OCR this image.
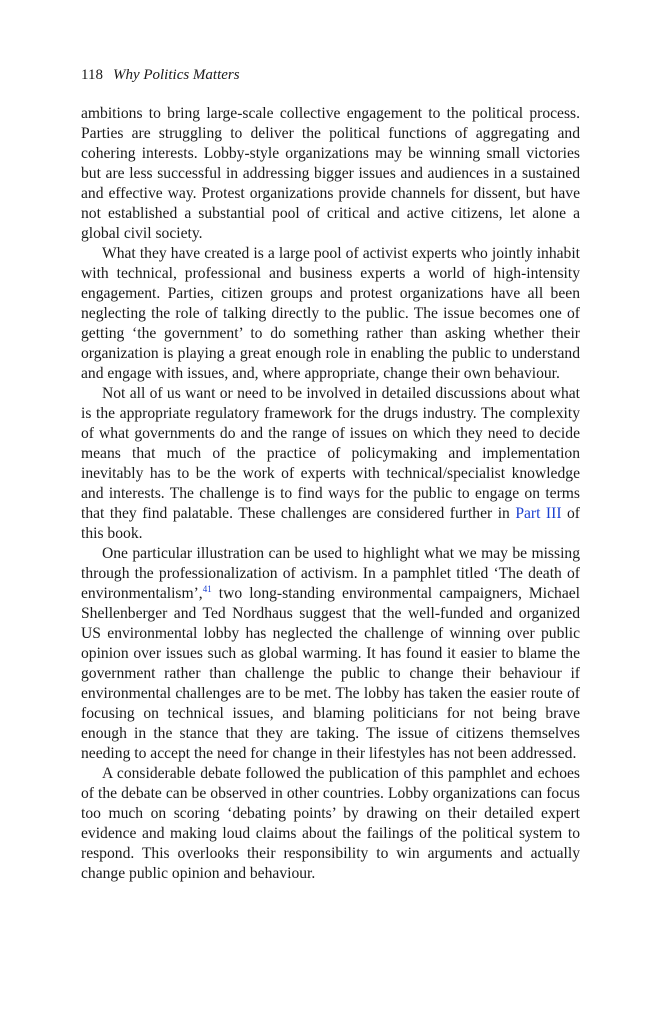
118 Why Politics Matters

ambitions to bring large-scale collective engagement to the political process. Parties are struggling to deliver the political functions of aggregating and cohering interests. Lobby-style organizations may be winning small victories but are less successful in addressing bigger issues and audiences in a sustained and effective way. Protest organizations provide channels for dissent, but have not established a substantial pool of critical and active citizens, let alone a global civil society.

What they have created is a large pool of activist experts who jointly inhabit with technical, professional and business experts a world of high-intensity engagement. Parties, citizen groups and protest organizations have all been neglecting the role of talking directly to the public. The issue becomes one of getting ‘the government’ to do something rather than asking whether their organization is playing a great enough role in enabling the public to understand and engage with issues, and, where appropriate, change their own behaviour.

Not all of us want or need to be involved in detailed discussions about what is the appropriate regulatory framework for the drugs industry. The complexity of what governments do and the range of issues on which they need to decide means that much of the practice of policymaking and implementation inevitably has to be the work of experts with technical/specialist knowledge and interests. The challenge is to find ways for the public to engage on terms that they find palatable. These challenges are considered further in Part III of this book.

One particular illustration can be used to highlight what we may be missing through the professionalization of activism. In a pamphlet titled ‘The death of environmentalism’,$^{41}$ two long-standing environmental campaigners, Michael Shellenberger and Ted Nordhaus suggest that the well-funded and organized US environmental lobby has neglected the challenge of winning over public opinion over issues such as global warming. It has found it easier to blame the government rather than challenge the public to change their behaviour if environmental challenges are to be met. The lobby has taken the easier route of focusing on technical issues, and blaming politicians for not being brave enough in the stance that they are taking. The issue of citizens themselves needing to accept the need for change in their lifestyles has not been addressed.

A considerable debate followed the publication of this pamphlet and echoes of the debate can be observed in other countries. Lobby organizations can focus too much on scoring ‘debating points’ by drawing on their detailed expert evidence and making loud claims about the failings of the political system to respond. This overlooks their responsibility to win arguments and actually change public opinion and behaviour.
